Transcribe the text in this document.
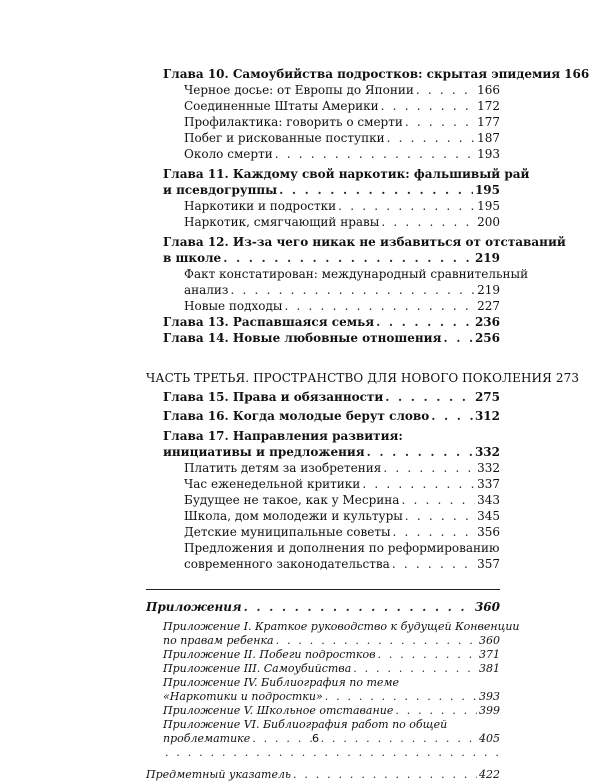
Глава 10. Самоубийства подростков: скрытая эпидемия 166
Черное досье: от Европы до Японии . . .	166
Соединенные Штаты Америки . . .	172
Профилактика: говорить о смерти . . .	177
Побег и рискованные поступки . . .	187
Около смерти . . .	193
Глава 11. Каждому свой наркотик: фальшивый рай
и псевдогруппы . . .	195
Наркотики и подростки . . .	195
Наркотик, смягчающий нравы . . .	200
Глава 12. Из-за чего никак не избавиться от отставаний
в школе . . .	219
Факт констатирован: международный сравнительный
анализ . . .	219
Новые подходы . . .	227
Глава 13. Распавшаяся семья . . .	236
Глава 14. Новые любовные отношения . . .	256
ЧАСТЬ ТРЕТЬЯ. ПРОСТРАНСТВО ДЛЯ НОВОГО ПОКОЛЕНИЯ 273
Глава 15. Права и обязанности . . .	275
Глава 16. Когда молодые берут слово . . .	312
Глава 17. Направления развития:
инициативы и предложения . . .	332
Платить детям за изобретения . . .	332
Час еженедельной критики . . .	337
Будущее не такое, как у Месрина . . .	343
Школа, дом молодежи и культуры . . .	345
Детские муниципальные советы . . .	356
Предложения и дополнения по реформированию
современного законодательства . . .	357
Приложения . . .	360
Приложение I. Краткое руководство к будущей Конвенции
по правам ребенка . . .	360
Приложение II. Побеги подростков . . .	371
Приложение III. Самоубийства . . .	381
Приложение IV. Библиография по теме
«Наркотики и подростки» . . .	393
Приложение V. Школьное отставание . . .	399
Приложение VI. Библиография работ по общей
проблематике . . .	405
Предметный указатель . . .	422
6
. . .
